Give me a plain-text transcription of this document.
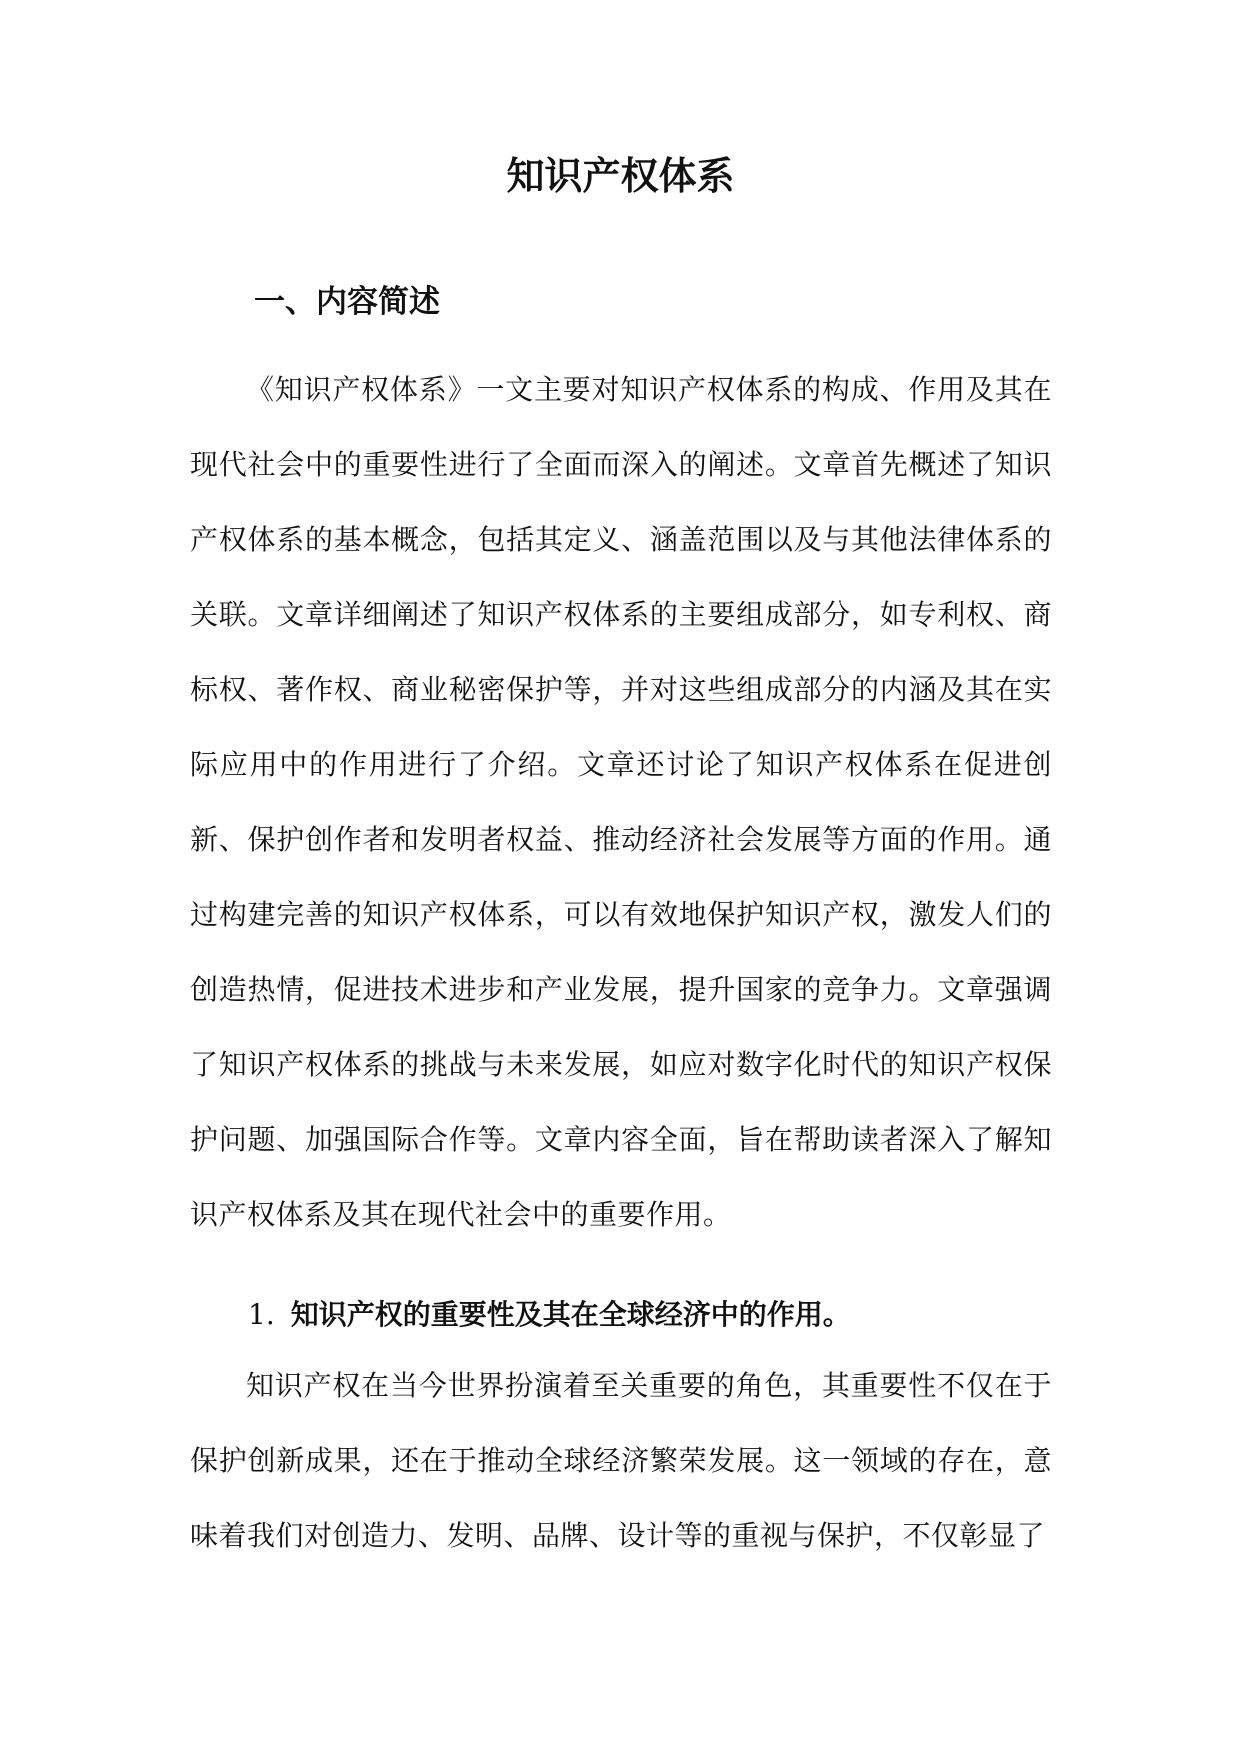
知识产权体系
一、内容简述

《知识产权体系》一文主要对知识产权体系的构成、作用及其在现代社会中的重要性进行了全面而深入的阐述。文章首先概述了知识产权体系的基本概念，包括其定义、涵盖范围以及与其他法律体系的关联。文章详细阐述了知识产权体系的主要组成部分，如专利权、商标权、著作权、商业秘密保护等，并对这些组成部分的内涵及其在实际应用中的作用进行了介绍。文章还讨论了知识产权体系在促进创新、保护创作者和发明者权益、推动经济社会发展等方面的作用。通过构建完善的知识产权体系，可以有效地保护知识产权，激发人们的创造热情，促进技术进步和产业发展，提升国家的竞争力。文章强调了知识产权体系的挑战与未来发展，如应对数字化时代的知识产权保护问题、加强国际合作等。文章内容全面，旨在帮助读者深入了解知识产权体系及其在现代社会中的重要作用。

1. 知识产权的重要性及其在全球经济中的作用。

知识产权在当今世界扮演着至关重要的角色，其重要性不仅在于保护创新成果，还在于推动全球经济繁荣发展。这一领域的存在，意味着我们对创造力、发明、品牌、设计等的重视与保护，不仅彰显了
